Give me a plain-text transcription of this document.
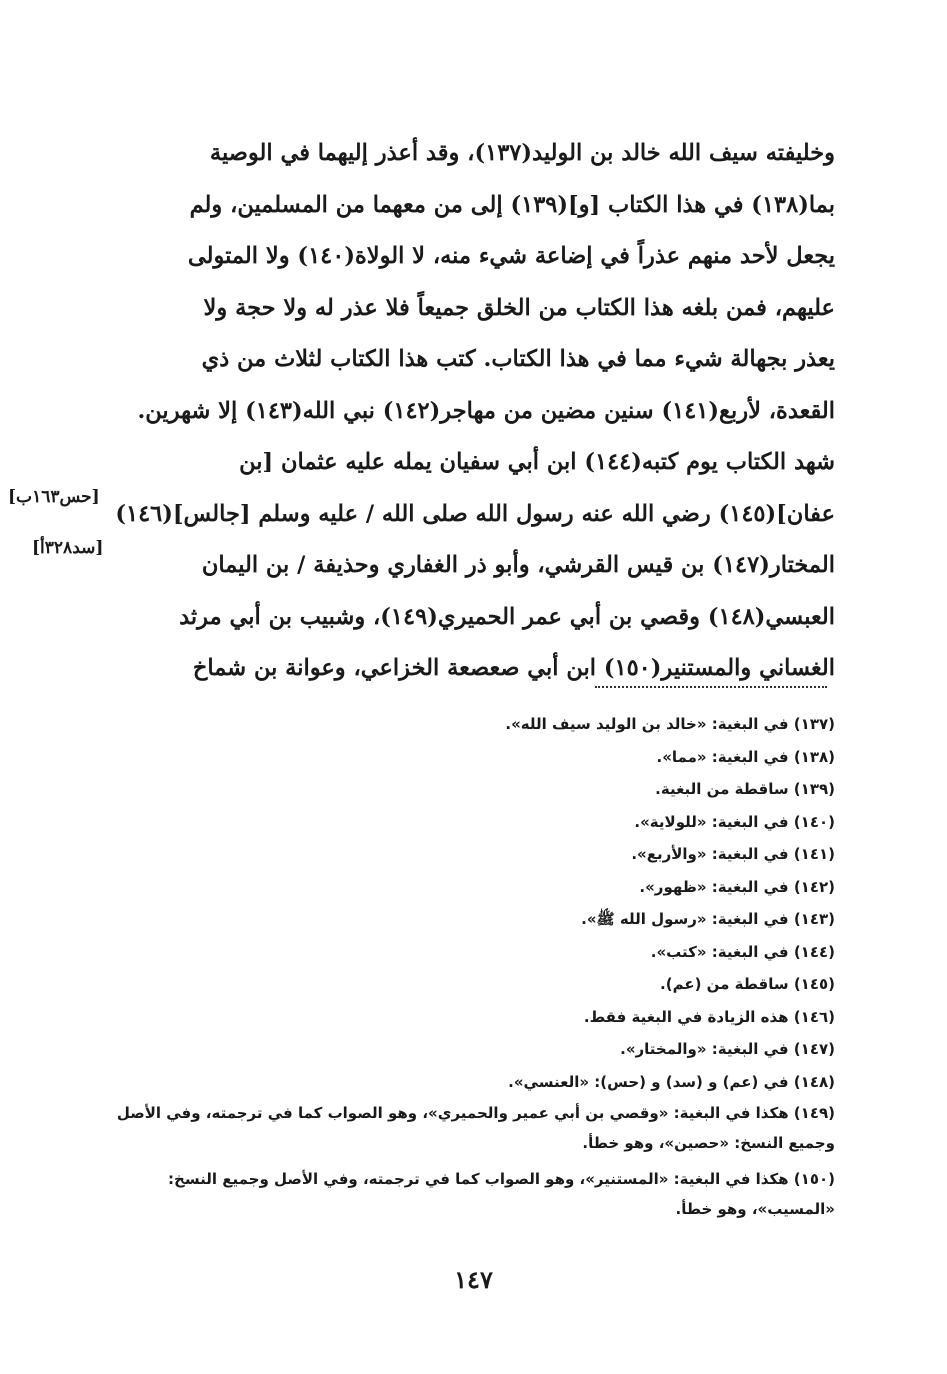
وخليفته سيف الله خالد بن الوليد(١٣٧)، وقد أعذر إليهما في الوصية
بما(١٣٨) في هذا الكتاب [و](١٣٩) إلى من معهما من المسلمين، ولم
يجعل لأحد منهم عذراً في إضاعة شيء منه، لا الولاة(١٤٠) ولا المتولى
عليهم، فمن بلغه هذا الكتاب من الخلق جميعاً فلا عذر له ولا حجة ولا
يعذر بجهالة شيء مما في هذا الكتاب. كتب هذا الكتاب لثلاث من ذي
القعدة، لأربع(١٤١) سنين مضين من مهاجر(١٤٢) نبي الله(١٤٣) إلا شهرين.
شهد الكتاب يوم كتبه(١٤٤) ابن أبي سفيان يمله عليه عثمان [بن
عفان](١٤٥) رضي الله عنه رسول الله صلى الله / عليه وسلم [جالس](١٤٦)
المختار(١٤٧) بن قيس القرشي، وأبو ذر الغفاري وحذيفة / بن اليمان
العبسي(١٤٨) وقصي بن أبي عمر الحميري(١٤٩)، وشبيب بن أبي مرثد
الغساني والمستنير(١٥٠) ابن أبي صعصعة الخزاعي، وعوانة بن شماخ
[حس١٦٣ب]
[سد٣٢٨أ]
(١٣٧) في البغية: «خالد بن الوليد سيف الله».
(١٣٨) في البغية: «مما».
(١٣٩) ساقطة من البغية.
(١٤٠) في البغية: «للولاية».
(١٤١) في البغية: «والأربع».
(١٤٢) في البغية: «ظهور».
(١٤٣) في البغية: «رسول الله ﷺ».
(١٤٤) في البغية: «كتب».
(١٤٥) ساقطة من (عم).
(١٤٦) هذه الزيادة في البغية فقط.
(١٤٧) في البغية: «والمختار».
(١٤٨) في (عم) و (سد) و (حس): «العنسي».
(١٤٩) هكذا في البغية: «وقصي بن أبي عمير والحميري»، وهو الصواب كما في ترجمته، وفي الأصل وجميع النسخ: «حصين»، وهو خطأ.
(١٥٠) هكذا في البغية: «المستنير»، وهو الصواب كما في ترجمته، وفي الأصل وجميع النسخ: «المسيب»، وهو خطأ.
١٤٧
